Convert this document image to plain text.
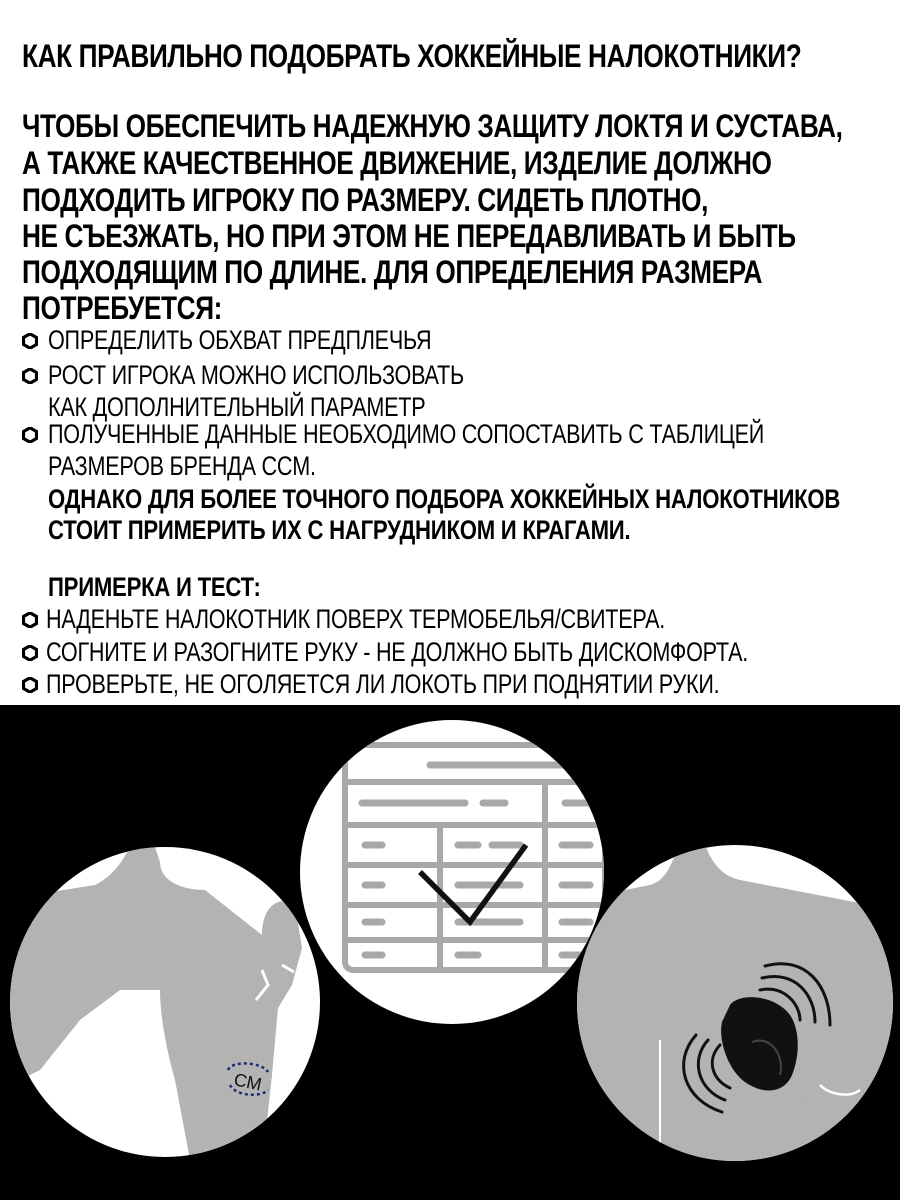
КАК ПРАВИЛЬНО ПОДОБРАТЬ ХОККЕЙНЫЕ НАЛОКОТНИКИ?
ЧТОБЫ ОБЕСПЕЧИТЬ НАДЕЖНУЮ ЗАЩИТУ ЛОКТЯ И СУСТАВА,
А ТАКЖЕ КАЧЕСТВЕННОЕ ДВИЖЕНИЕ, ИЗДЕЛИЕ ДОЛЖНО
ПОДХОДИТЬ ИГРОКУ ПО РАЗМЕРУ. СИДЕТЬ ПЛОТНО,
НЕ СЪЕЗЖАТЬ, НО ПРИ ЭТОМ НЕ ПЕРЕДАВЛИВАТЬ И БЫТЬ
ПОДХОДЯЩИМ ПО ДЛИНЕ. ДЛЯ ОПРЕДЕЛЕНИЯ РАЗМЕРА
ПОТРЕБУЕТСЯ:
ОПРЕДЕЛИТЬ ОБХВАТ ПРЕДПЛЕЧЬЯ
РОСТ ИГРОКА МОЖНО ИСПОЛЬЗОВАТЬ
КАК ДОПОЛНИТЕЛЬНЫЙ ПАРАМЕТР
ПОЛУЧЕННЫЕ ДАННЫЕ НЕОБХОДИМО СОПОСТАВИТЬ С ТАБЛИЦЕЙ
РАЗМЕРОВ БРЕНДА CCM.
ОДНАКО ДЛЯ БОЛЕЕ ТОЧНОГО ПОДБОРА ХОККЕЙНЫХ НАЛОКОТНИКОВ
СТОИТ ПРИМЕРИТЬ ИХ С НАГРУДНИКОМ И КРАГАМИ.
ПРИМЕРКА И ТЕСТ:
НАДЕНЬТЕ НАЛОКОТНИК ПОВЕРХ ТЕРМОБЕЛЬЯ/СВИТЕРА.
СОГНИТЕ И РАЗОГНИТЕ РУКУ - НЕ ДОЛЖНО БЫТЬ ДИСКОМФОРТА.
ПРОВЕРЬТЕ, НЕ ОГОЛЯЕТСЯ ЛИ ЛОКОТЬ ПРИ ПОДНЯТИИ РУКИ.
СМ
